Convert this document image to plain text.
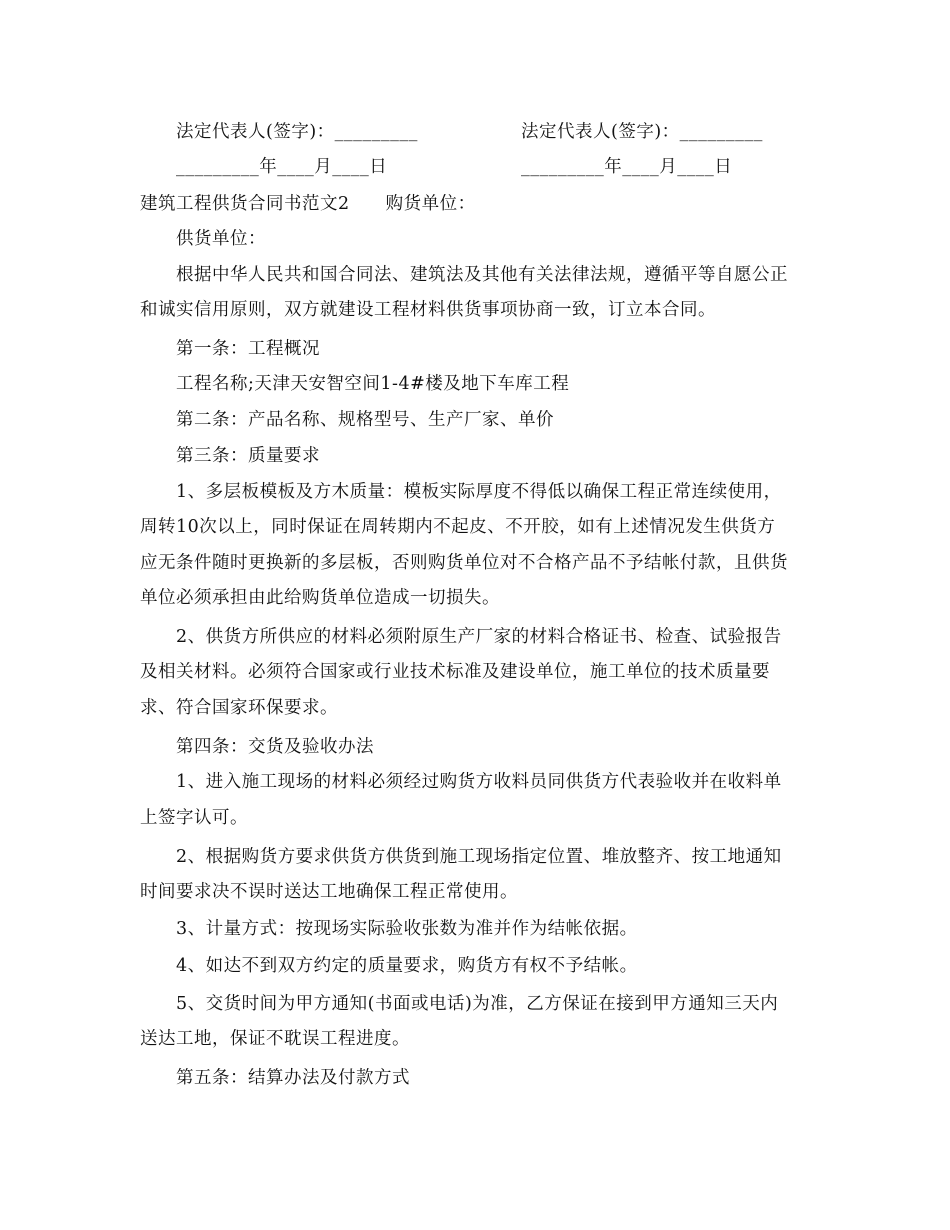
法定代表人(签字)：_________	法定代表人(签字)：_________
_________年____月____日	_________年____月____日
建筑工程供货合同书范文2　　购货单位：
供货单位：
根据中华人民共和国合同法、建筑法及其他有关法律法规，遵循平等自愿公正
和诚实信用原则，双方就建设工程材料供货事项协商一致，订立本合同。
第一条：工程概况
工程名称;天津天安智空间1-4#楼及地下车库工程
第二条：产品名称、规格型号、生产厂家、单价
第三条：质量要求
1、多层板模板及方木质量：模板实际厚度不得低以确保工程正常连续使用，
周转10次以上，同时保证在周转期内不起皮、不开胶，如有上述情况发生供货方
应无条件随时更换新的多层板，否则购货单位对不合格产品不予结帐付款，且供货
单位必须承担由此给购货单位造成一切损失。
2、供货方所供应的材料必须附原生产厂家的材料合格证书、检查、试验报告
及相关材料。必须符合国家或行业技术标准及建设单位，施工单位的技术质量要
求、符合国家环保要求。
第四条：交货及验收办法
1、进入施工现场的材料必须经过购货方收料员同供货方代表验收并在收料单
上签字认可。
2、根据购货方要求供货方供货到施工现场指定位置、堆放整齐、按工地通知
时间要求决不误时送达工地确保工程正常使用。
3、计量方式：按现场实际验收张数为准并作为结帐依据。
4、如达不到双方约定的质量要求，购货方有权不予结帐。
5、交货时间为甲方通知(书面或电话)为准，乙方保证在接到甲方通知三天内
送达工地，保证不耽误工程进度。
第五条：结算办法及付款方式
